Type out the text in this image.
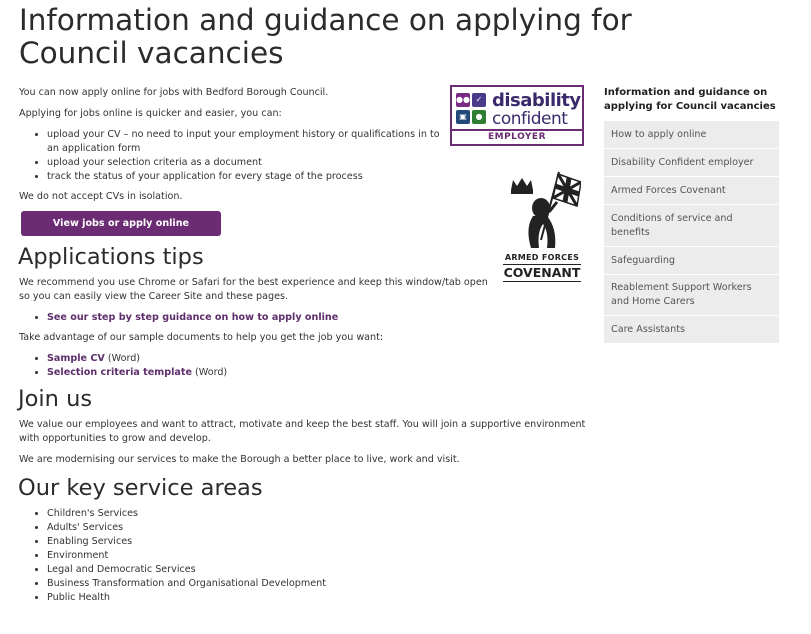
Information and guidance on applying for Council vacancies

You can now apply online for jobs with Bedford Borough Council.

Applying for jobs online is quicker and easier, you can:

• upload your CV – no need to input your employment history or qualifications in to an application form
• upload your selection criteria as a document
• track the status of your application for every stage of the process

We do not accept CVs in isolation.

View jobs or apply online
Applications tips

We recommend you use Chrome or Safari for the best experience and keep this window/tab open so you can easily view the Career Site and these pages.

• See our step by step guidance on how to apply online

Take advantage of our sample documents to help you get the job you want:

• Sample CV (Word)
• Selection criteria template (Word)
Join us

We value our employees and want to attract, motivate and keep the best staff. You will join a supportive environment with opportunities to grow and develop.

We are modernising our services to make the Borough a better place to live, work and visit.

Our key service areas
• Children's Services
• Adults' Services
• Enabling Services
• Environment
• Legal and Democratic Services
• Business Transformation and Organisational Development
• Public Health
●● ✓
▣	●
disability
confident
EMPLOYER
ARMED FORCES
COVENANT
Information and guidance on applying for Council vacancies
How to apply online
Disability Confident employer
Armed Forces Covenant
Conditions of service and benefits
Safeguarding
Reablement Support Workers and Home Carers
Care Assistants
